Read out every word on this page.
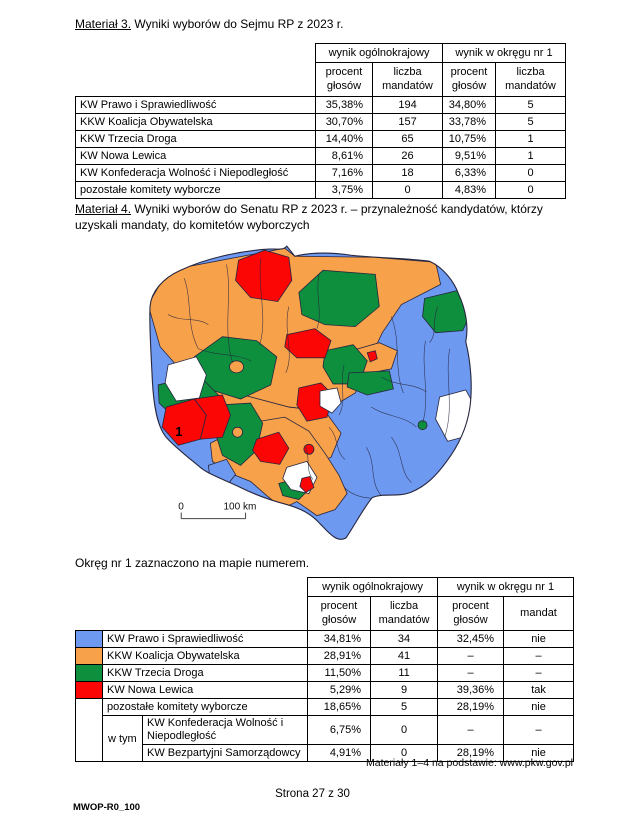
Materiał 3. Wyniki wyborów do Sejmu RP z 2023 r.
	wynik ogólnokrajowy		wynik w okręgu nr 1	
	procent głosów	liczba mandatów	procent głosów	liczba mandatów
KW Prawo i Sprawiedliwość	35,38%	194	34,80%	5
KKW Koalicja Obywatelska	30,70%	157	33,78%	5
KKW Trzecia Droga	14,40%	65	10,75%	1
KW Nowa Lewica	8,61%	26	9,51%	1
KW Konfederacja Wolność i Niepodległość	7,16%	18	6,33%	0
pozostałe komitety wyborcze	3,75%	0	4,83%	0
Materiał 4. Wyniki wyborów do Senatu RP z 2023 r. – przynależność kandydatów, którzy uzyskali mandaty, do komitetów wyborczych
1
0	100 km
Okręg nr 1 zaznaczono na mapie numerem.
			wynik ogólnokrajowy		wynik w okręgu nr 1	
			procent głosów	liczba mandatów	procent głosów	mandat
	KW Prawo i Sprawiedliwość		34,81%	34	32,45%	nie
	KKW Koalicja Obywatelska		28,91%	41	–	–
	KKW Trzecia Droga		11,50%	11	–	–
	KW Nowa Lewica		5,29%	9	39,36%	tak
	pozostałe komitety wyborcze		18,65%	5	28,19%	nie
	w tym	KW Konfederacja Wolność i Niepodległość	6,75%	0	–	–
		KW Bezpartyjni Samorządowcy	4,91%	0	28,19%	nie
Materiały 1–4 na podstawie: www.pkw.gov.pl
Strona 27 z 30
MWOP-R0_100
